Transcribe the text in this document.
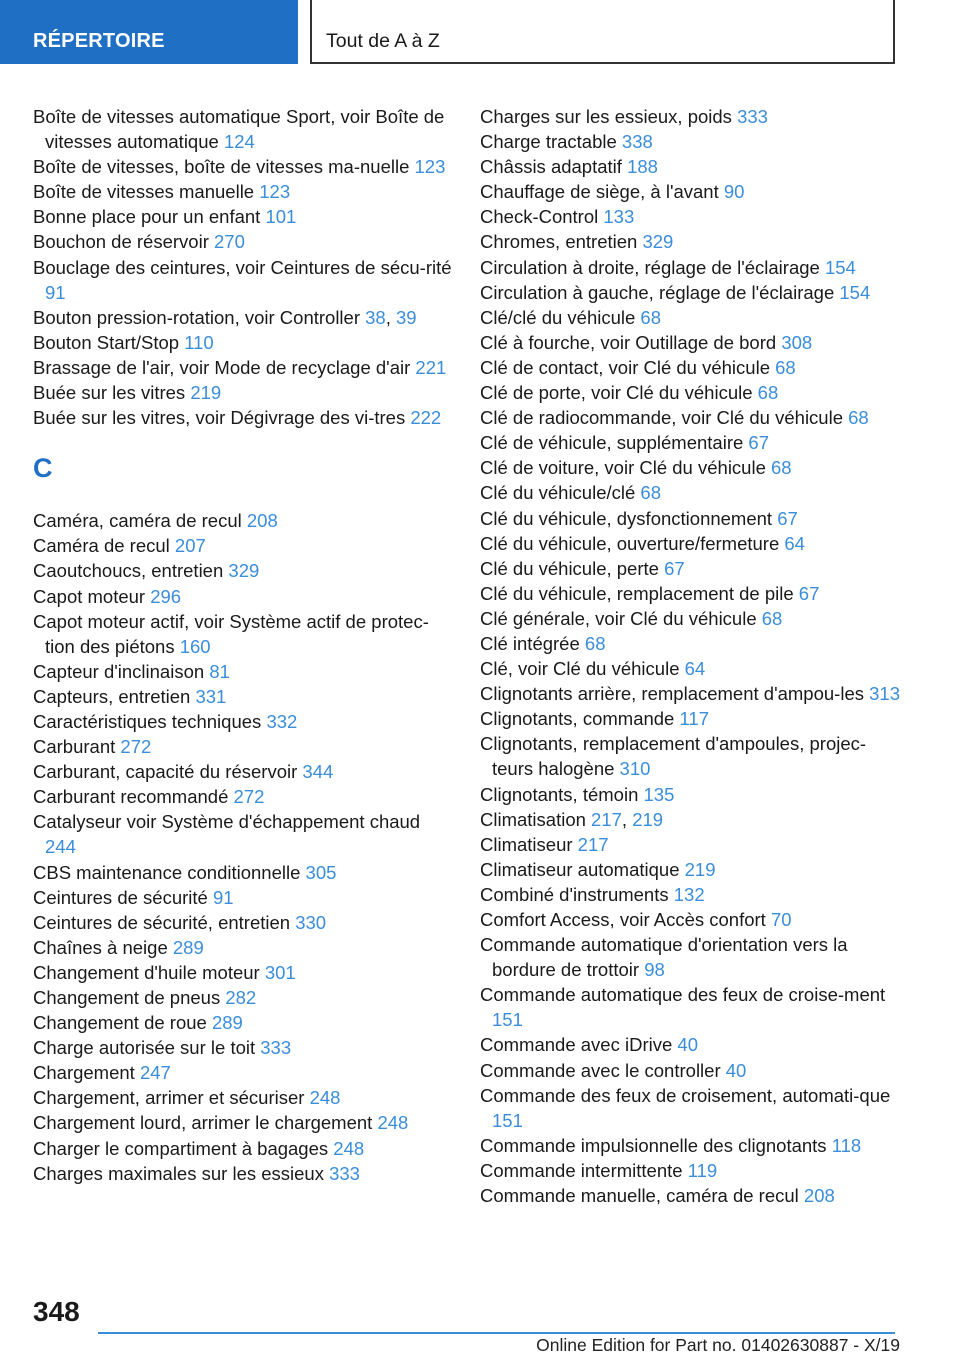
RÉPERTOIRE	Tout de A à Z
Boîte de vitesses automatique Sport, voir Boîte de vitesses automatique 124
Boîte de vitesses, boîte de vitesses ma-nuelle 123
Boîte de vitesses manuelle 123
Bonne place pour un enfant 101
Bouchon de réservoir 270
Bouclage des ceintures, voir Ceintures de sécu-rité 91
Bouton pression-rotation, voir Controller 38, 39
Bouton Start/Stop 110
Brassage de l'air, voir Mode de recyclage d'air 221
Buée sur les vitres 219
Buée sur les vitres, voir Dégivrage des vi-tres 222
C
Caméra, caméra de recul 208
Caméra de recul 207
Caoutchoucs, entretien 329
Capot moteur 296
Capot moteur actif, voir Système actif de protec-tion des piétons 160
Capteur d'inclinaison 81
Capteurs, entretien 331
Caractéristiques techniques 332
Carburant 272
Carburant, capacité du réservoir 344
Carburant recommandé 272
Catalyseur voir Système d'échappement chaud 244
CBS maintenance conditionnelle 305
Ceintures de sécurité 91
Ceintures de sécurité, entretien 330
Chaînes à neige 289
Changement d'huile moteur 301
Changement de pneus 282
Changement de roue 289
Charge autorisée sur le toit 333
Chargement 247
Chargement, arrimer et sécuriser 248
Chargement lourd, arrimer le chargement 248
Charger le compartiment à bagages 248
Charges maximales sur les essieux 333
Charges sur les essieux, poids 333
Charge tractable 338
Châssis adaptatif 188
Chauffage de siège, à l'avant 90
Check-Control 133
Chromes, entretien 329
Circulation à droite, réglage de l'éclairage 154
Circulation à gauche, réglage de l'éclairage 154
Clé/clé du véhicule 68
Clé à fourche, voir Outillage de bord 308
Clé de contact, voir Clé du véhicule 68
Clé de porte, voir Clé du véhicule 68
Clé de radiocommande, voir Clé du véhicule 68
Clé de véhicule, supplémentaire 67
Clé de voiture, voir Clé du véhicule 68
Clé du véhicule/clé 68
Clé du véhicule, dysfonctionnement 67
Clé du véhicule, ouverture/fermeture 64
Clé du véhicule, perte 67
Clé du véhicule, remplacement de pile 67
Clé générale, voir Clé du véhicule 68
Clé intégrée 68
Clé, voir Clé du véhicule 64
Clignotants arrière, remplacement d'ampou-les 313
Clignotants, commande 117
Clignotants, remplacement d'ampoules, projec-teurs halogène 310
Clignotants, témoin 135
Climatisation 217, 219
Climatiseur 217
Climatiseur automatique 219
Combiné d'instruments 132
Comfort Access, voir Accès confort 70
Commande automatique d'orientation vers la bordure de trottoir 98
Commande automatique des feux de croise-ment 151
Commande avec iDrive 40
Commande avec le controller 40
Commande des feux de croisement, automati-que 151
Commande impulsionnelle des clignotants 118
Commande intermittente 119
Commande manuelle, caméra de recul 208
348
Online Edition for Part no. 01402630887 - X/19
